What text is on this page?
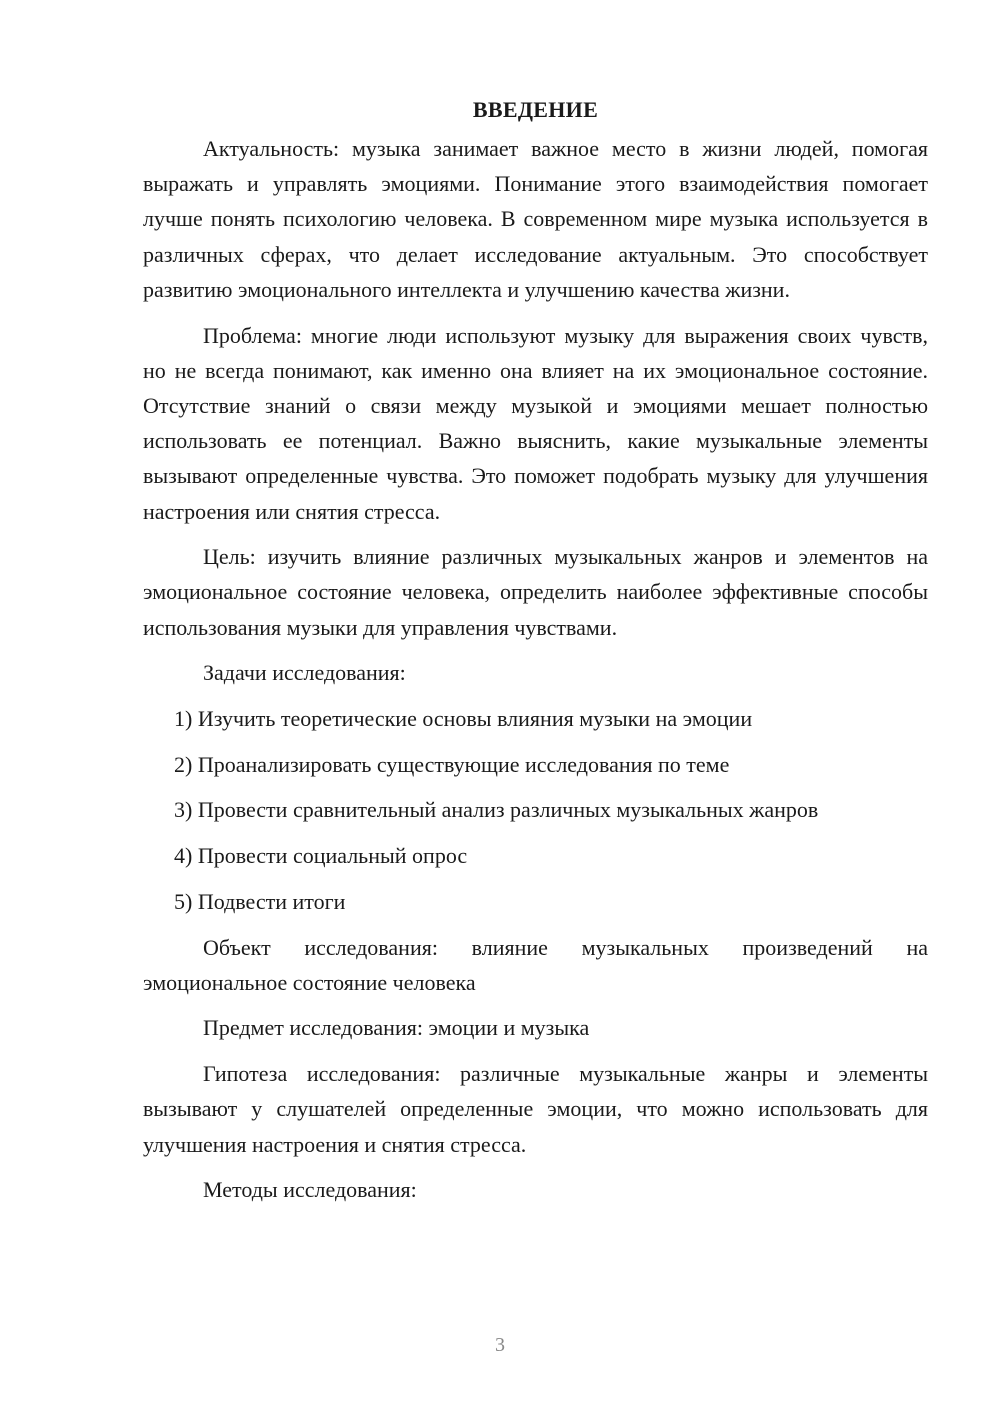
ВВЕДЕНИЕ

Актуальность: музыка занимает важное место в жизни людей, помогая выражать и управлять эмоциями. Понимание этого взаимодействия помогает лучше понять психологию человека. В современном мире музыка используется в различных сферах, что делает исследование актуальным. Это способствует развитию эмоционального интеллекта и улучшению качества жизни.

Проблема: многие люди используют музыку для выражения своих чувств, но не всегда понимают, как именно она влияет на их эмоциональное состояние. Отсутствие знаний о связи между музыкой и эмоциями мешает полностью использовать ее потенциал. Важно выяснить, какие музыкальные элементы вызывают определенные чувства. Это поможет подобрать музыку для улучшения настроения или снятия стресса.

Цель: изучить влияние различных музыкальных жанров и элементов на эмоциональное состояние человека, определить наиболее эффективные способы использования музыки для управления чувствами.

Задачи исследования:

1) Изучить теоретические основы влияния музыки на эмоции
2) Проанализировать существующие исследования по теме
3) Провести сравнительный анализ различных музыкальных жанров
4) Провести социальный опрос
5) Подвести итоги

Объект исследования: влияние музыкальных произведений на эмоциональное состояние человека

Предмет исследования: эмоции и музыка

Гипотеза исследования: различные музыкальные жанры и элементы вызывают у слушателей определенные эмоции, что можно использовать для улучшения настроения и снятия стресса.

Методы исследования:

3
